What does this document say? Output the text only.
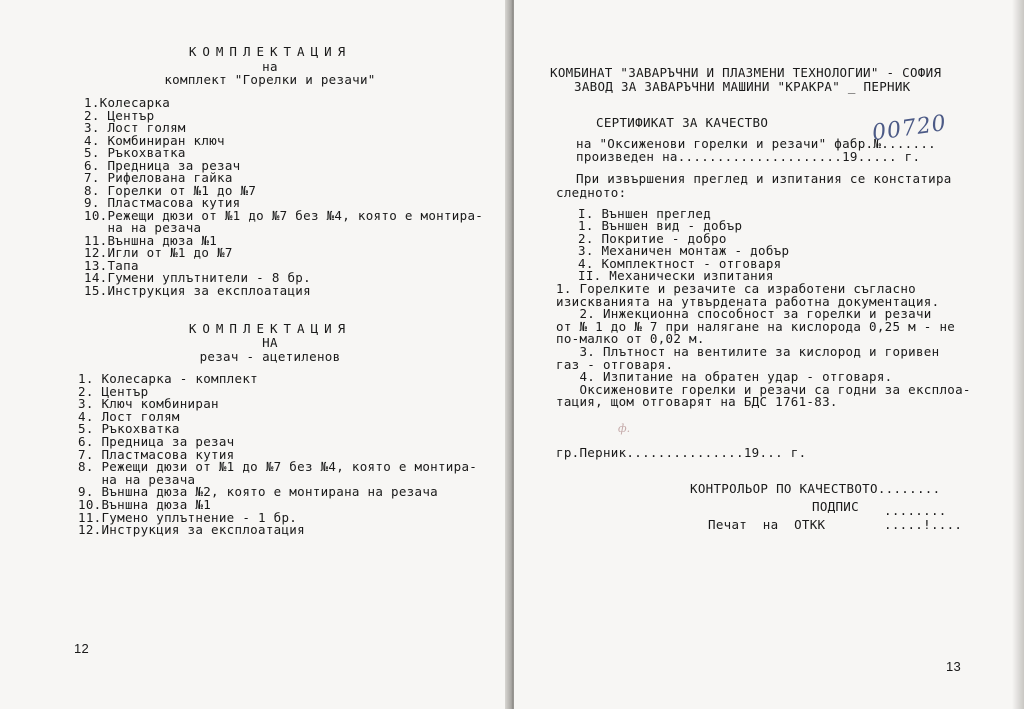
КОМПЛЕКТАЦИЯ
на
комплект "Горелки и резачи"
1.Колесарка
2. Център
3. Лост голям
4. Комбиниран ключ
5. Ръкохватка
6. Предница за резач
7. Рифелована гайка
8. Горелки от №1 до №7
9. Пластмасова кутия
10.Режещи дюзи от №1 до №7 без №4, която е монтира-
на на резача
11.Външна дюза №1
12.Игли от №1 до №7
13.Тапа
14.Гумени уплътнители - 8 бр.
15.Инструкция за експлоатация
КОМПЛЕКТАЦИЯ
НА
резач - ацетиленов
1. Колесарка - комплект
2. Център
3. Ключ комбиниран
4. Лост голям
5. Ръкохватка
6. Предница за резач
7. Пластмасова кутия
8. Режещи дюзи от №1 до №7 без №4, която е монтира-
на на резача
9. Външна дюза №2, която е монтирана на резача
10.Външна дюза №1
11.Гумено уплътнение - 1 бр.
12.Инструкция за експлоатация
12
КОМБИНАТ "ЗАВАРЪЧНИ И ПЛАЗМЕНИ ТЕХНОЛОГИИ" - СОФИЯ
ЗАВОД ЗА ЗАВАРЪЧНИ МАШИНИ "КРАКРА" _ ПЕРНИК
СЕРТИФИКАТ ЗА КАЧЕСТВО
на "Оксиженови горелки и резачи" фабр.№.......
00720
произведен на.....................19..... г.
При извършения преглед и изпитания се констатира
следното:
I. Външен преглед
1. Външен вид - добър
2. Покритие - добро
3. Механичен монтаж - добър
4. Комплектност - отговаря
II. Механически изпитания
1. Горелките и резачите са изработени съгласно
изискванията на утвърдената работна документация.
2. Инжекционна способност за горелки и резачи
от № 1 до № 7 при налягане на кислорода 0,25 м - не
по-малко от 0,02 м.
3. Плътност на вентилите за кислород и горивен
газ - отговаря.
4. Изпитание на обратен удар - отговаря.
Оксиженовите горелки и резачи са годни за експлоа-
тация, щом отговарят на БДС 1761-83.
ф.
гр.Перник...............19... г.
КОНТРОЛЬОР ПО КАЧЕСТВОТО........
ПОДПИС ........
Печат  на  ОТКК	.....!....
13
